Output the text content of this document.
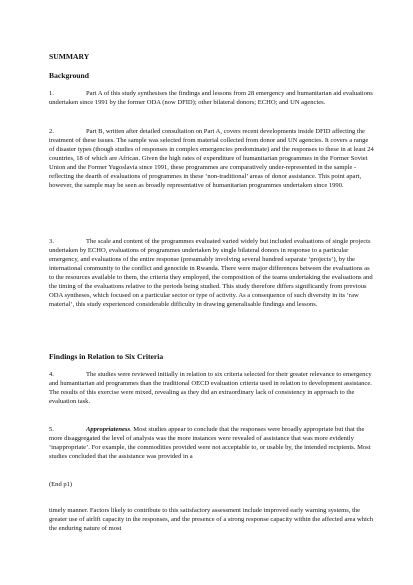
SUMMARY
Background

1.	Part A of this study synthesises the findings and lessons from 28 emergency and humanitarian aid evaluations undertaken since 1991 by the former ODA (now DFID); other bilateral donors; ECHO; and UN agencies.

2.	Part B, written after detailed consultation on Part A, covers recent developments inside DFID affecting the treatment of these issues. The sample was selected from material collected from donor and UN agencies. It covers a range of disaster types (though studies of responses in complex emergencies predominate) and the responses to these in at least 24 countries, 18 of which are African. Given the high rates of expenditure of humanitarian programmes in the Former Soviet Union and the Former Yugoslavia since 1991, these programmes are comparatively under-represented in the sample - reflecting the dearth of evaluations of programmes in these ‘non-traditional’ areas of donor assistance. This point apart, however, the sample may be seen as broadly representative of humanitarian programmes undertaken since 1990.

3.	The scale and content of the programmes evaluated varied widely but included evaluations of single projects undertaken by ECHO, evaluations of programmes undertaken by single bilateral donors in response to a particular emergency, and evaluations of the entire response (presumably involving several hundred separate ‘projects’), by the international community to the conflict and genocide in Rwanda. There were major differences between the evaluations as to the resources available to them, the criteria they employed, the composition of the teams undertaking the evaluations and the timing of the evaluations relative to the periods being studied. This study therefore differs significantly from previous ODA syntheses, which focused on a particular sector or type of activity. As a consequence of such diversity in its ‘raw material’, this study experienced considerable difficulty in drawing generalisable findings and lessons.

Findings in Relation to Six Criteria

4.	The studies were reviewed initially in relation to six criteria selected for their greater relevance to emergency and humanitarian aid programmes than the traditional OECD evaluation criteria used in relation to development assistance. The results of this exercise were mixed, revealing as they did an extraordinary lack of consistency in approach to the evaluation task.

5.	Appropriateness. Most studies appear to conclude that the responses were broadly appropriate but that the more disaggregated the level of analysis was the more instances were revealed of assistance that was more evidently ‘inappropriate’. For example, the commodities provided were not acceptable to, or usable by, the intended recipients. Most studies concluded that the assistance was provided in a

(End p1)

timely manner. Factors likely to contribute to this satisfactory assessment include improved early warning systems, the greater use of airlift capacity in the responses, and the presence of a strong response capacity within the affected area which the enduring nature of most
